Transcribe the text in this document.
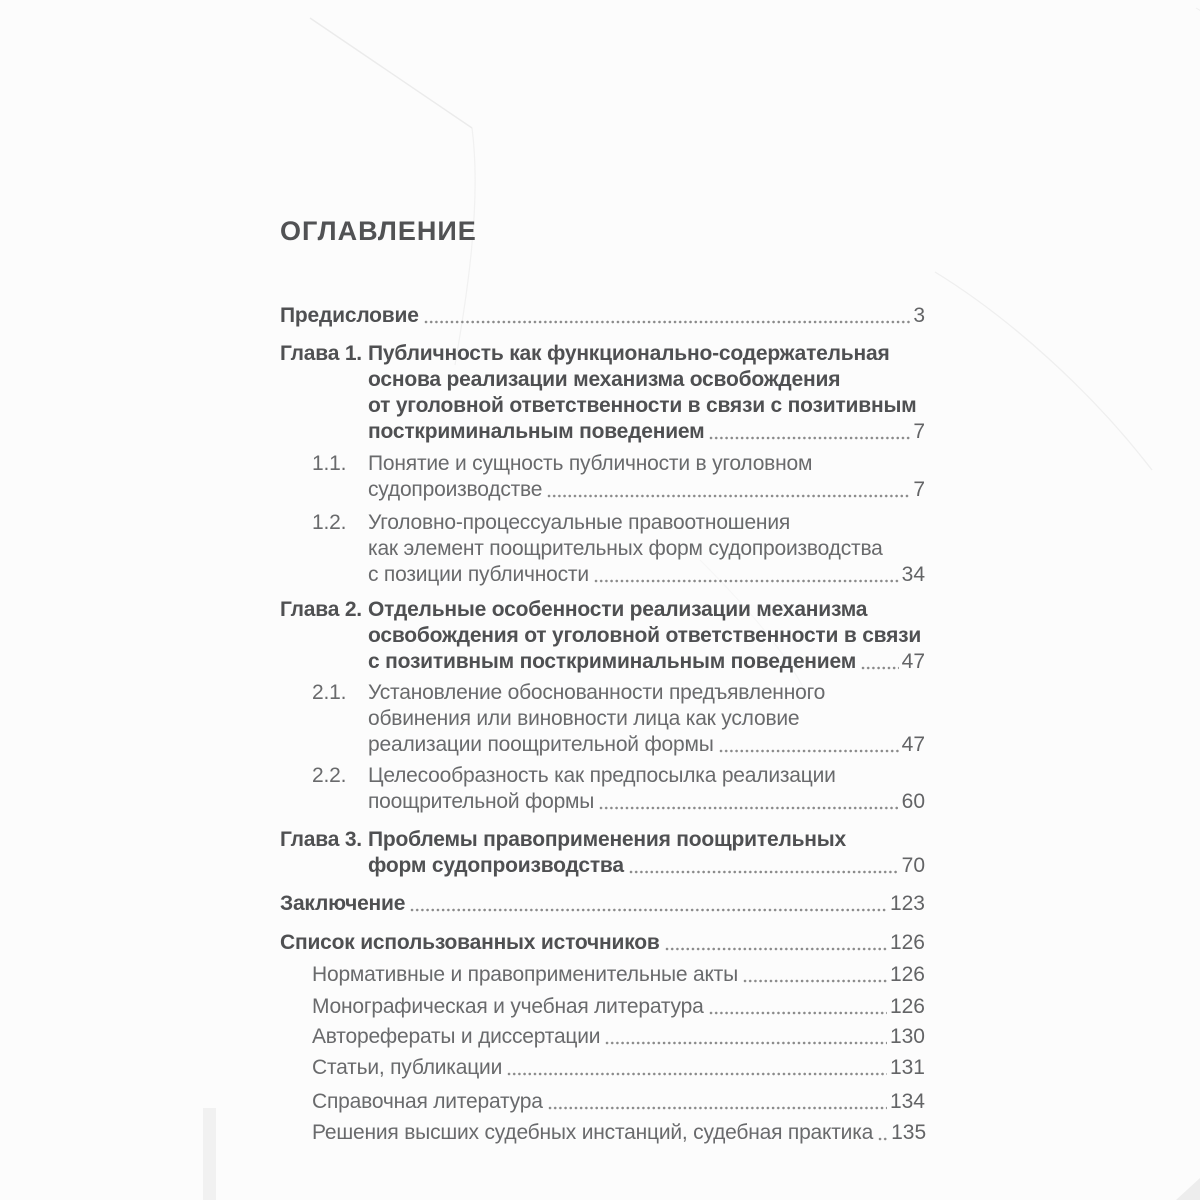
ОГЛАВЛЕНИЕ
Предисловие	3
Глава 1. Публичность как функционально-содержательная
основа реализации механизма освобождения
от уголовной ответственности в связи с позитивным
посткриминальным поведением	7
1.1.	Понятие и сущность публичности в уголовном
судопроизводстве	7
1.2.	Уголовно-процессуальные правоотношения
как элемент поощрительных форм судопроизводства
с позиции публичности	34
Глава 2. Отдельные особенности реализации механизма
освобождения от уголовной ответственности в связи
с позитивным посткриминальным поведением 47
2.1.	Установление обоснованности предъявленного
обвинения или виновности лица как условие
реализации поощрительной формы	47
2.2.	Целесообразность как предпосылка реализации
поощрительной формы	60
Глава 3. Проблемы правоприменения поощрительных
форм судопроизводства	70
Заключение	123
Список использованных источников	126
Нормативные и правоприменительные акты	126
Монографическая и учебная литература	126
Авторефераты и диссертации	130
Статьи, публикации	131
Справочная литература	134
Решения высших судебных инстанций, судебная практика 135
